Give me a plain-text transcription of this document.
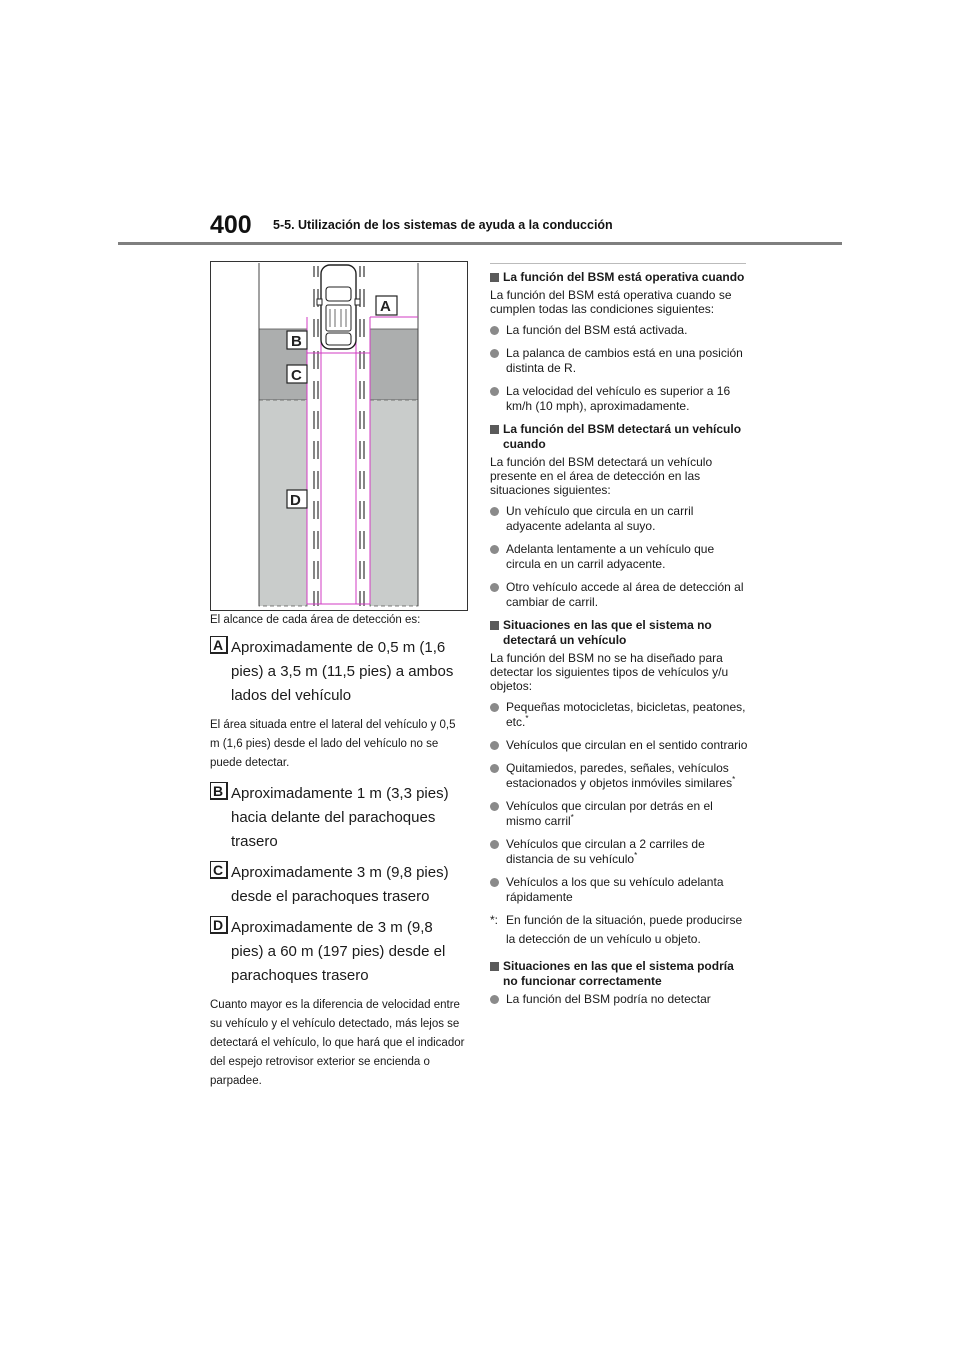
400 5-5. Utilización de los sistemas de ayuda a la conducción
A
B
C
D

El alcance de cada área de detección es:

A Aproximadamente de 0,5 m (1,6 pies) a 3,5 m (11,5 pies) a ambos lados del vehículo

El área situada entre el lateral del vehículo y 0,5 m (1,6 pies) desde el lado del vehículo no se puede detectar.

B Aproximadamente 1 m (3,3 pies) hacia delante del parachoques trasero

C Aproximadamente 3 m (9,8 pies) desde el parachoques trasero

D Aproximadamente de 3 m (9,8 pies) a 60 m (197 pies) desde el parachoques trasero

Cuanto mayor es la diferencia de velocidad entre su vehículo y el vehículo detectado, más lejos se detectará el vehículo, lo que hará que el indicador del espejo retrovisor exterior se encienda o parpadee.

La función del BSM está operativa cuando

La función del BSM está operativa cuando se cumplen todas las condiciones siguientes:

La función del BSM está activada.
La palanca de cambios está en una posición distinta de R.
La velocidad del vehículo es superior a 16 km/h (10 mph), aproximadamente.
La función del BSM detectará un vehículo cuando

La función del BSM detectará un vehículo presente en el área de detección en las situaciones siguientes:

Un vehículo que circula en un carril adyacente adelanta al suyo.
Adelanta lentamente a un vehículo que circula en un carril adyacente.
Otro vehículo accede al área de detección al cambiar de carril.
Situaciones en las que el sistema no detectará un vehículo

La función del BSM no se ha diseñado para detectar los siguientes tipos de vehículos y/u objetos:

Pequeñas motocicletas, bicicletas, peatones, etc.*
Vehículos que circulan en el sentido contrario
Quitamiedos, paredes, señales, vehículos estacionados y objetos inmóviles similares*
Vehículos que circulan por detrás en el mismo carril*
Vehículos que circulan a 2 carriles de distancia de su vehículo*
Vehículos a los que su vehículo adelanta rápidamente
*: En función de la situación, puede producirse la detección de un vehículo u objeto.
Situaciones en las que el sistema podría no funcionar correctamente
La función del BSM podría no detectar
